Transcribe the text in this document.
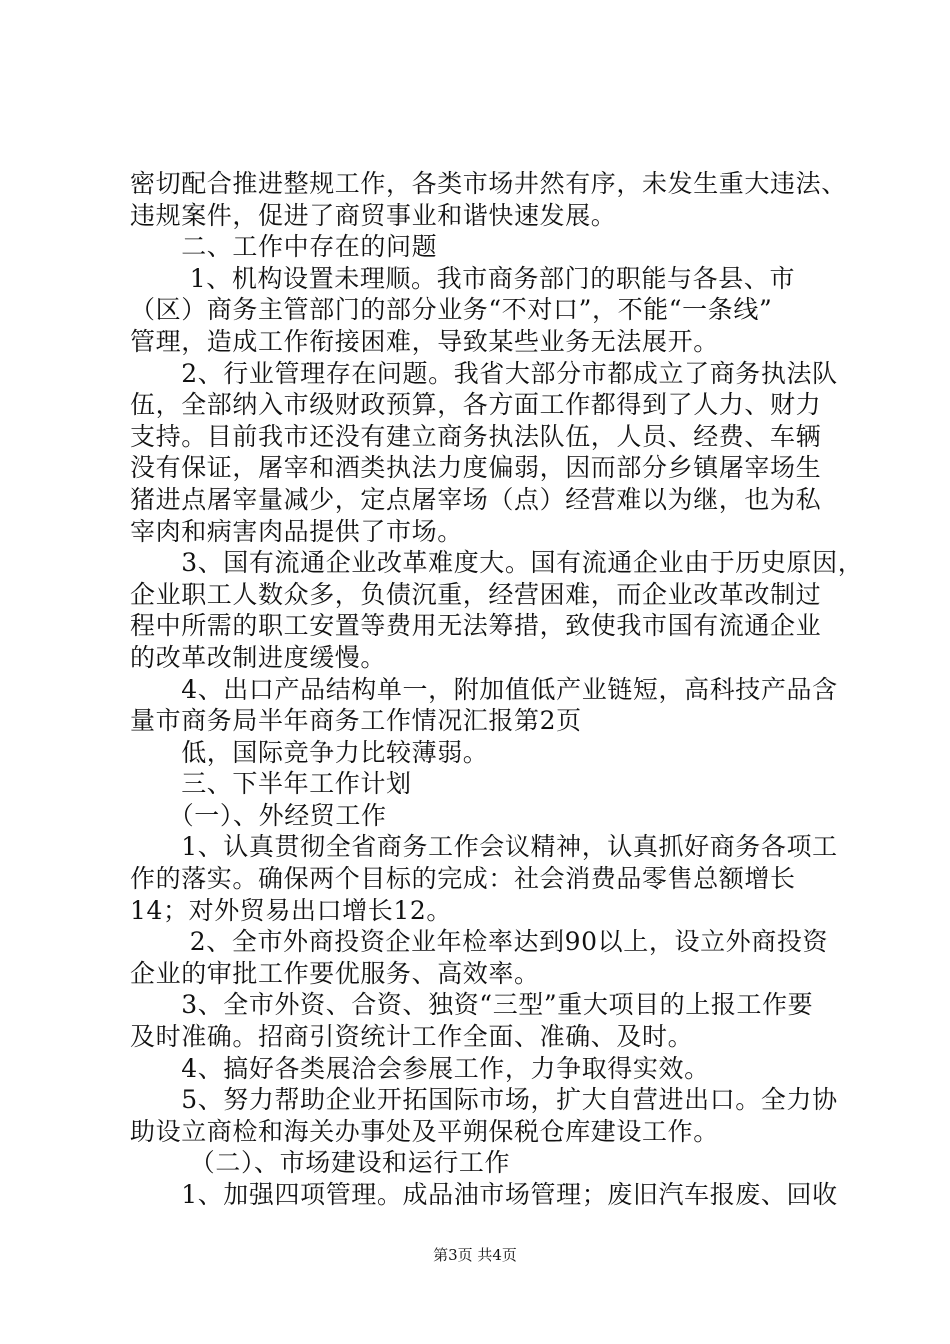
密切配合推进整规工作，各类市场井然有序，未发生重大违法、
违规案件，促进了商贸事业和谐快速发展。
　　二、工作中存在的问题
　　 1、机构设置未理顺。我市商务部门的职能与各县、市
（区）商务主管部门的部分业务“不对口”，不能“一条线”
管理，造成工作衔接困难，导致某些业务无法展开。
　　2、行业管理存在问题。我省大部分市都成立了商务执法队
伍，全部纳入市级财政预算，各方面工作都得到了人力、财力
支持。目前我市还没有建立商务执法队伍，人员、经费、车辆
没有保证，屠宰和酒类执法力度偏弱，因而部分乡镇屠宰场生
猪进点屠宰量减少，定点屠宰场（点）经营难以为继，也为私
宰肉和病害肉品提供了市场。
　　3、国有流通企业改革难度大。国有流通企业由于历史原因，
企业职工人数众多，负债沉重，经营困难，而企业改革改制过
程中所需的职工安置等费用无法筹措，致使我市国有流通企业
的改革改制进度缓慢。
　　4、出口产品结构单一，附加值低产业链短，高科技产品含
量市商务局半年商务工作情况汇报第2页
　　低，国际竞争力比较薄弱。
　　三、下半年工作计划
　　（一）、外经贸工作
　　1、认真贯彻全省商务工作会议精神，认真抓好商务各项工
作的落实。确保两个目标的完成：社会消费品零售总额增长
14；对外贸易出口增长12。
　　 2、全市外商投资企业年检率达到90以上，设立外商投资
企业的审批工作要优服务、高效率。
　　3、全市外资、合资、独资“三型”重大项目的上报工作要
及时准确。招商引资统计工作全面、准确、及时。
　　4、搞好各类展洽会参展工作，力争取得实效。
　　5、努力帮助企业开拓国际市场，扩大自营进出口。全力协
助设立商检和海关办事处及平朔保税仓库建设工作。
　　 （二）、市场建设和运行工作
　　1、加强四项管理。成品油市场管理；废旧汽车报废、回收
第3页 共4页
